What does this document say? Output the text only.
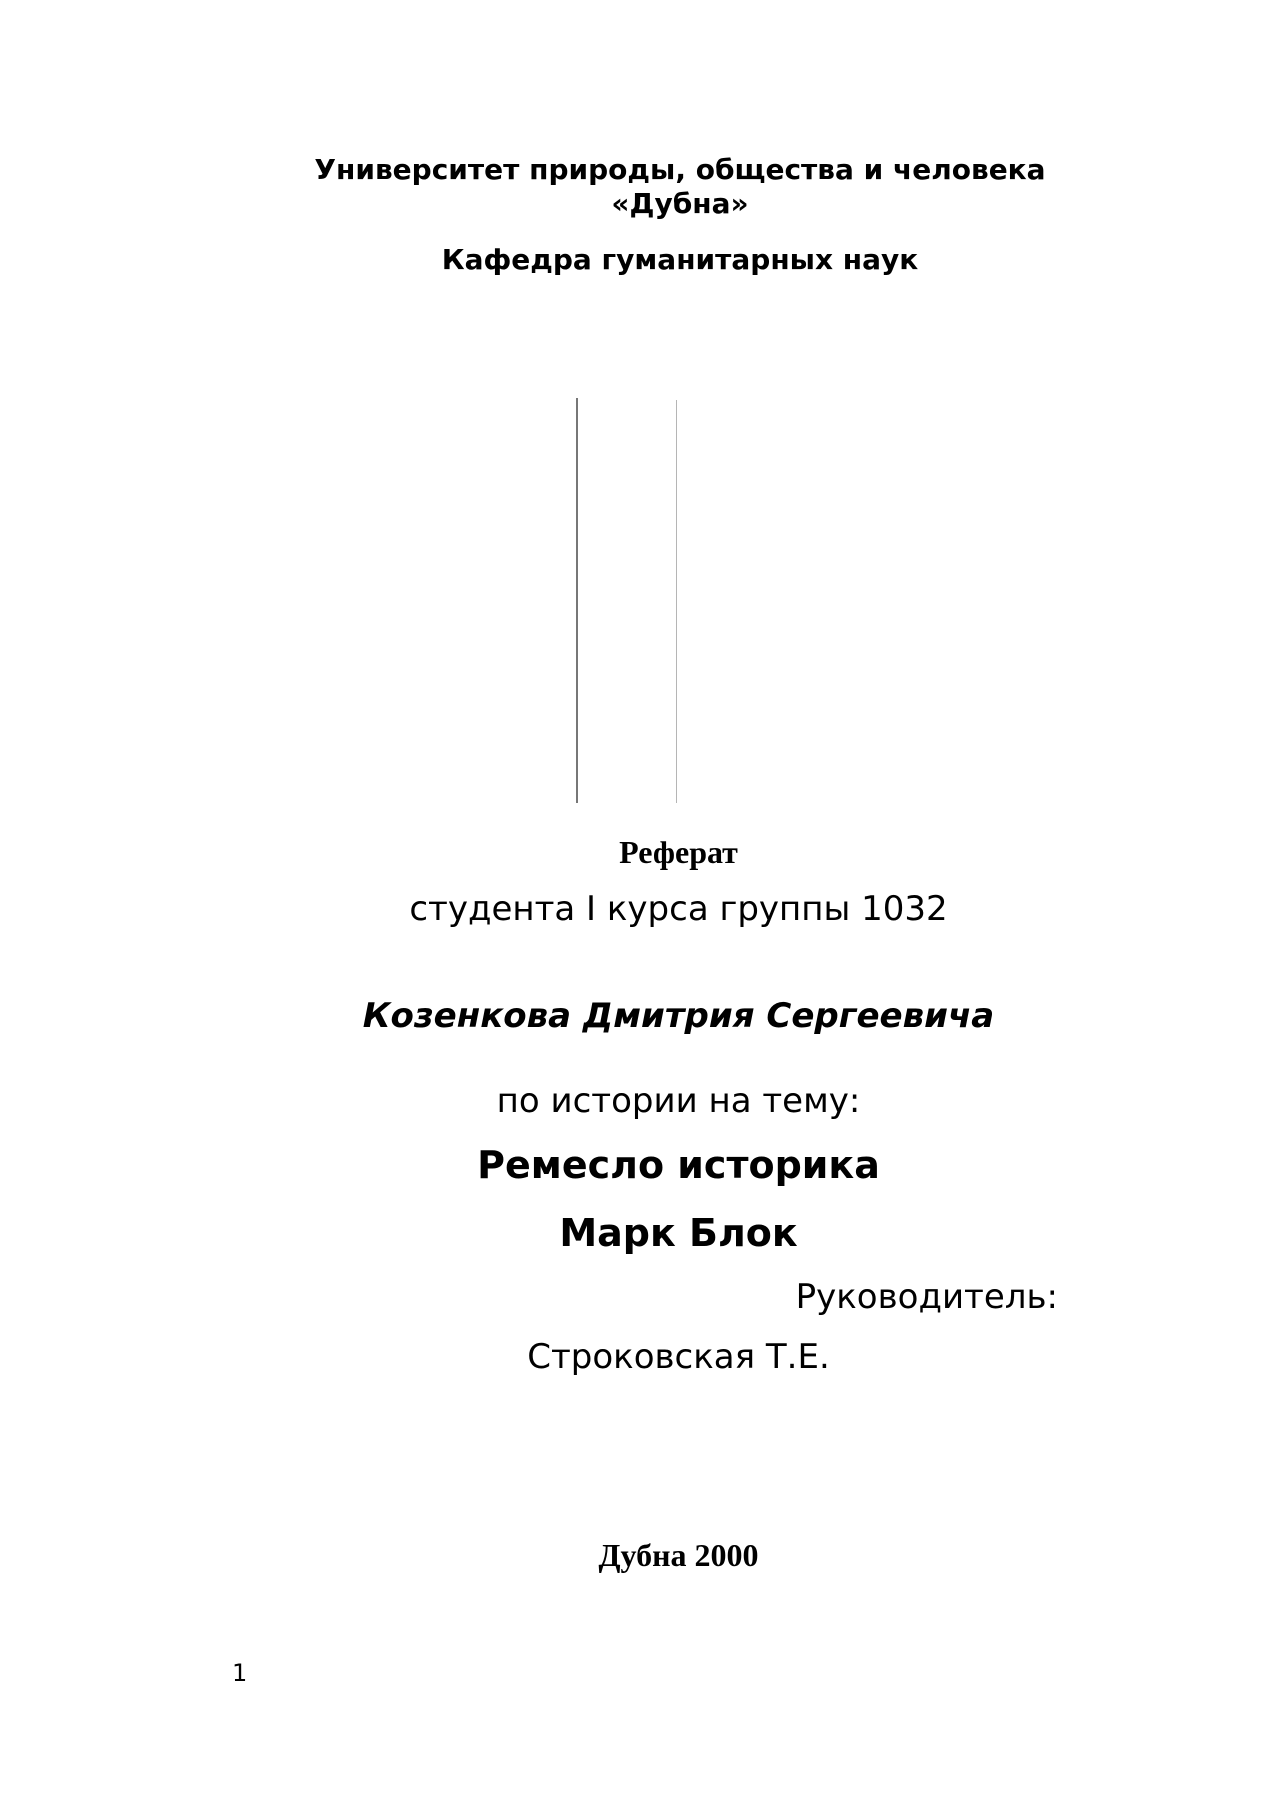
Университет природы, общества и человека
«Дубна»
Кафедра гуманитарных наук
Реферат
студента I курса группы 1032
Козенкова Дмитрия Сергеевича
по истории на тему:
Ремесло историка
Марк Блок
Руководитель:
Строковская Т.Е.
Дубна 2000
1
